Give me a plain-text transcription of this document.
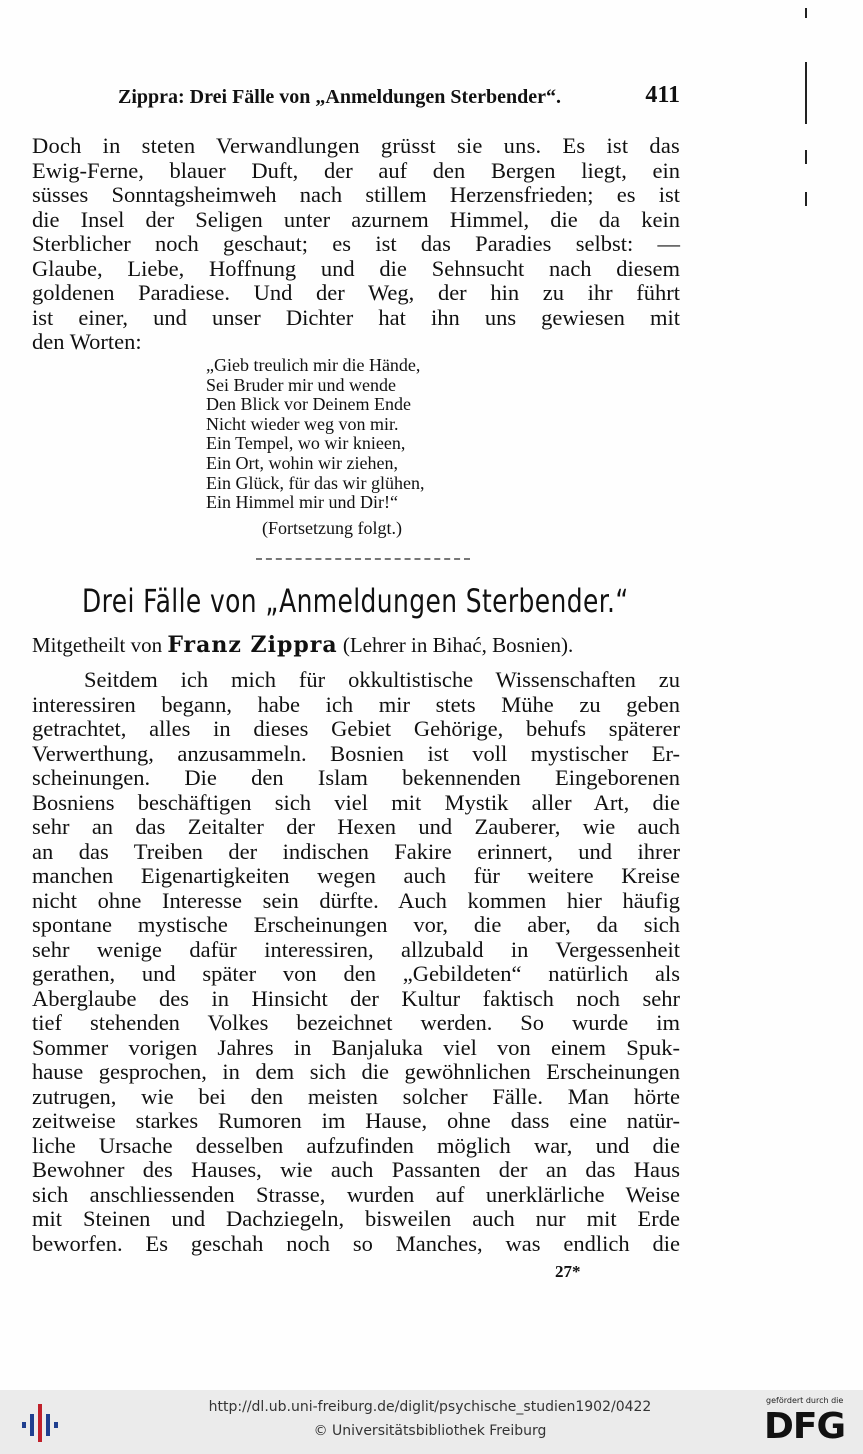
Zippra: Drei Fälle von „Anmeldungen Sterbender“.	411

Doch in steten Verwandlungen grüsst sie uns. Es ist das
Ewig-Ferne, blauer Duft, der auf den Bergen liegt, ein
süsses Sonntagsheimweh nach stillem Herzensfrieden; es ist
die Insel der Seligen unter azurnem Himmel, die da kein
Sterblicher noch geschaut; es ist das Paradies selbst: —
Glaube, Liebe, Hoffnung und die Sehnsucht nach diesem
goldenen Paradiese. Und der Weg, der hin zu ihr führt
ist einer, und unser Dichter hat ihn uns gewiesen mit
den Worten:

„Gieb treulich mir die Hände,
Sei Bruder mir und wende
Den Blick vor Deinem Ende
Nicht wieder weg von mir.
Ein Tempel, wo wir knieen,
Ein Ort, wohin wir ziehen,
Ein Glück, für das wir glühen,
Ein Himmel mir und Dir!“
(Fortsetzung folgt.)
Drei Fälle von „Anmeldungen Sterbender.“
Mitgetheilt von Franz Zippra (Lehrer in Bihać, Bosnien).

Seitdem ich mich für okkultistische Wissenschaften zu
interessiren begann, habe ich mir stets Mühe zu geben
getrachtet, alles in dieses Gebiet Gehörige, behufs späterer
Verwerthung, anzusammeln. Bosnien ist voll mystischer Er-
scheinungen. Die den Islam bekennenden Eingeborenen
Bosniens beschäftigen sich viel mit Mystik aller Art, die
sehr an das Zeitalter der Hexen und Zauberer, wie auch
an das Treiben der indischen Fakire erinnert, und ihrer
manchen Eigenartigkeiten wegen auch für weitere Kreise
nicht ohne Interesse sein dürfte. Auch kommen hier häufig
spontane mystische Erscheinungen vor, die aber, da sich
sehr wenige dafür interessiren, allzubald in Vergessenheit
gerathen, und später von den „Gebildeten“ natürlich als
Aberglaube des in Hinsicht der Kultur faktisch noch sehr
tief stehenden Volkes bezeichnet werden. So wurde im
Sommer vorigen Jahres in Banjaluka viel von einem Spuk-
hause gesprochen, in dem sich die gewöhnlichen Erscheinungen
zutrugen, wie bei den meisten solcher Fälle. Man hörte
zeitweise starkes Rumoren im Hause, ohne dass eine natür-
liche Ursache desselben aufzufinden möglich war, und die
Bewohner des Hauses, wie auch Passanten der an das Haus
sich anschliessenden Strasse, wurden auf unerklärliche Weise
mit Steinen und Dachziegeln, bisweilen auch nur mit Erde
beworfen. Es geschah noch so Manches, was endlich die

27*
http://dl.ub.uni-freiburg.de/diglit/psychische_studien1902/0422
© Universitätsbibliothek Freiburg
gefördert durch die
DFG
